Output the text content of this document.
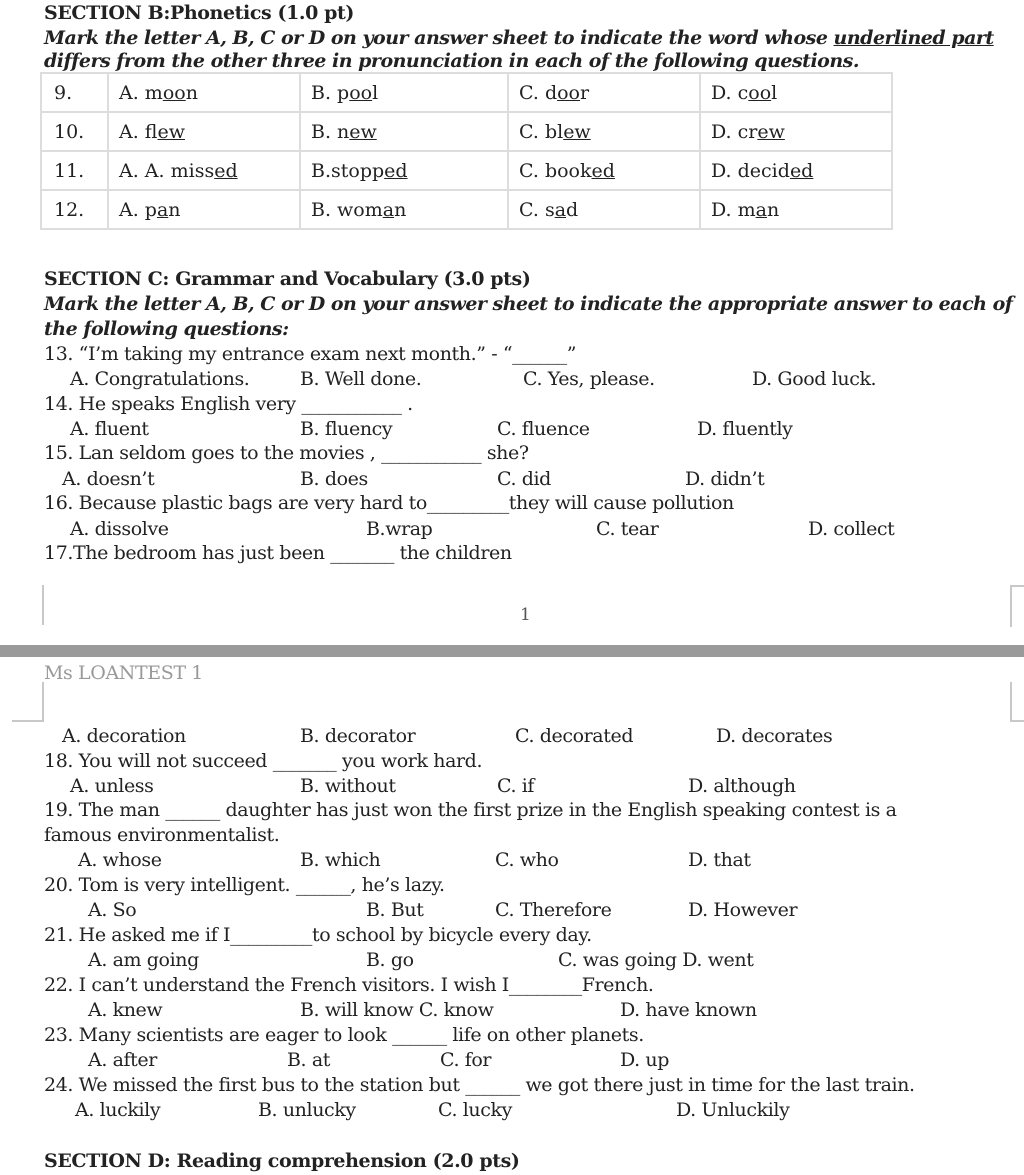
SECTION B:Phonetics (1.0 pt)
Mark the letter A, B, C or D on your answer sheet to indicate the word whose underlined part
differs from the other three in pronunciation in each of the following questions.
9.	A. moon	B. pool	C. door	D. cool
10.	A. flew	B. new	C. blew	D. crew
11.	A. A. missed	B.stopped	C. booked	D. decided
12.	A. pan	B. woman	C. sad	D. man
SECTION C: Grammar and Vocabulary (3.0 pts)
Mark the letter A, B, C or D on your answer sheet to indicate the appropriate answer to each of
the following questions:
13. “I’m taking my entrance exam next month.” - “______”
A. Congratulations.	B. Well done.	C. Yes, please.	D. Good luck.
14. He speaks English very ___________ .
A. fluent	B. fluency	C. fluence	D. fluently
15. Lan seldom goes to the movies , ___________ she?
A. doesn’t	B. does	C. did	D. didn’t
16. Because plastic bags are very hard to_________they will cause pollution
A. dissolve	B.wrap	C. tear	D. collect
17.The bedroom has just been _______ the children
1
Ms LOANTEST 1
A. decoration	B. decorator	C. decorated	D. decorates
18. You will not succeed _______ you work hard.
A. unless	B. without	C. if	D. although
19. The man ______ daughter has just won the first prize in the English speaking contest is a
famous environmentalist.
A. whose	B. which	C. who	D. that
20. Tom is very intelligent. ______, he’s lazy.
A. So	B. But	C. Therefore	D. However
21. He asked me if I_________to school by bicycle every day.
A. am going	B. go	C. was going D. went
22. I can’t understand the French visitors. I wish I________French.
A. knew	B. will know C. know	D. have known
23. Many scientists are eager to look ______ life on other planets.
A. after	B. at	C. for	D. up
24. We missed the first bus to the station but ______ we got there just in time for the last train.
A. luckily	B. unlucky	C. lucky	D. Unluckily
SECTION D: Reading comprehension (2.0 pts)
